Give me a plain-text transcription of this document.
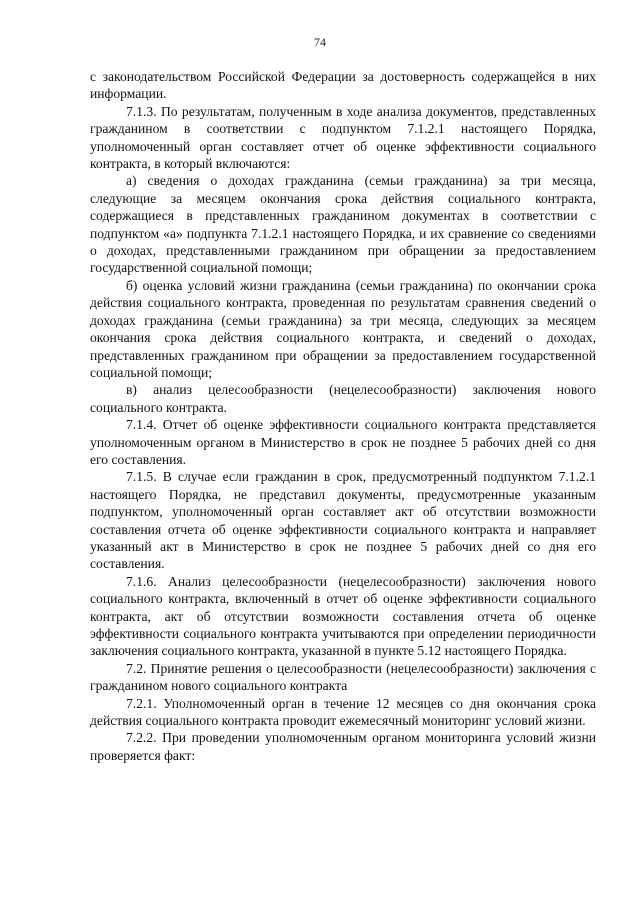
74

с законодательством Российской Федерации за достоверность содержащейся в них информации.

7.1.3. По результатам, полученным в ходе анализа документов, представленных гражданином в соответствии с подпунктом 7.1.2.1 настоящего Порядка, уполномоченный орган составляет отчет об оценке эффективности социального контракта, в который включаются:

а) сведения о доходах гражданина (семьи гражданина) за три месяца, следующие за месяцем окончания срока действия социального контракта, содержащиеся в представленных гражданином документах в соответствии с подпунктом «а» подпункта 7.1.2.1 настоящего Порядка, и их сравнение со сведениями о доходах, представленными гражданином при обращении за предоставлением государственной социальной помощи;

б) оценка условий жизни гражданина (семьи гражданина) по окончании срока действия социального контракта, проведенная по результатам сравнения сведений о доходах гражданина (семьи гражданина) за три месяца, следующих за месяцем окончания срока действия социального контракта, и сведений о доходах, представленных гражданином при обращении за предоставлением государственной социальной помощи;

в) анализ целесообразности (нецелесообразности) заключения нового социального контракта.

7.1.4. Отчет об оценке эффективности социального контракта представляется уполномоченным органом в Министерство в срок не позднее 5 рабочих дней со дня его составления.

7.1.5. В случае если гражданин в срок, предусмотренный подпунктом 7.1.2.1 настоящего Порядка, не представил документы, предусмотренные указанным подпунктом, уполномоченный орган составляет акт об отсутствии возможности составления отчета об оценке эффективности социального контракта и направляет указанный акт в Министерство в срок не позднее 5 рабочих дней со дня его составления.

7.1.6. Анализ целесообразности (нецелесообразности) заключения нового социального контракта, включенный в отчет об оценке эффективности социального контракта, акт об отсутствии возможности составления отчета об оценке эффективности социального контракта учитываются при определении периодичности заключения социального контракта, указанной в пункте 5.12 настоящего Порядка.

7.2. Принятие решения о целесообразности (нецелесообразности) заключения с гражданином нового социального контракта

7.2.1. Уполномоченный орган в течение 12 месяцев со дня окончания срока действия социального контракта проводит ежемесячный мониторинг условий жизни.

7.2.2. При проведении уполномоченным органом мониторинга условий жизни проверяется факт:
